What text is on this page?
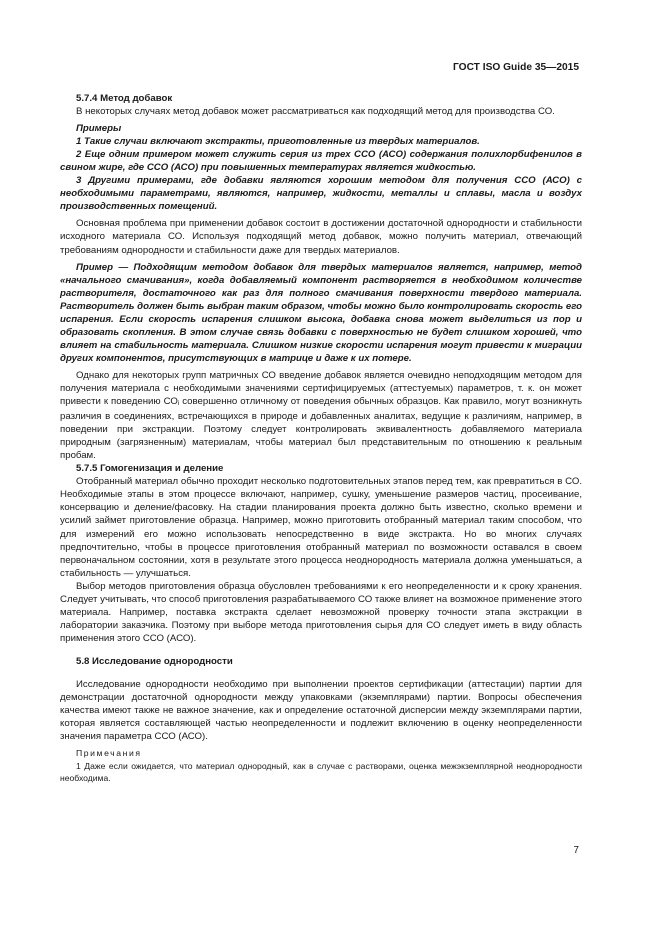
ГОСТ ISO Guide 35—2015

5.7.4 Метод добавок

В некоторых случаях метод добавок может рассматриваться как подходящий метод для производства СО.

Примеры

1 Такие случаи включают экстракты, приготовленные из твердых материалов.

2 Еще одним примером может служить серия из трех ССО (АСО) содержания полихлорбифенилов в свином жире, где ССО (АСО) при повышенных температурах является жидкостью.

3 Другими примерами, где добавки являются хорошим методом для получения ССО (АСО) с необходимыми параметрами, являются, например, жидкости, металлы и сплавы, масла и воздух производственных помещений.

Основная проблема при применении добавок состоит в достижении достаточной однородности и стабильности исходного материала СО. Используя подходящий метод добавок, можно получить материал, отвечающий требованиям однородности и стабильности даже для твердых материалов.

Пример — Подходящим методом добавок для твердых материалов является, например, метод «начального смачивания», когда добавляемый компонент растворяется в необходимом количестве растворителя, достаточного как раз для полного смачивания поверхности твердого материала. Растворитель должен быть выбран таким образом, чтобы можно было контролировать скорость его испарения. Если скорость испарения слишком высока, добавка снова может выделиться из пор и образовать скопления. В этом случае связь добавки с поверхностью не будет слишком хорошей, что влияет на стабильность материала. Слишком низкие скорости испарения могут привести к миграции других компонентов, присутствующих в матрице и даже к их потере.

Однако для некоторых групп матричных СО введение добавок является очевидно неподходящим методом для получения материала с необходимыми значениями сертифицируемых (аттестуемых) параметров, т. к. он может привести к поведению СОi совершенно отличному от поведения обычных образцов. Как правило, могут возникнуть различия в соединениях, встречающихся в природе и добавленных аналитах, ведущие к различиям, например, в поведении при экстракции. Поэтому следует контролировать эквивалентность добавляемого материала природным (загрязненным) материалам, чтобы материал был представительным по отношению к реальным пробам.

5.7.5 Гомогенизация и деление

Отобранный материал обычно проходит несколько подготовительных этапов перед тем, как превратиться в СО. Необходимые этапы в этом процессе включают, например, сушку, уменьшение размеров частиц, просеивание, консервацию и деление/фасовку. На стадии планирования проекта должно быть известно, сколько времени и усилий займет приготовление образца. Например, можно приготовить отобранный материал таким способом, что для измерений его можно использовать непосредственно в виде экстракта. Но во многих случаях предпочтительно, чтобы в процессе приготовления отобранный материал по возможности оставался в своем первоначальном состоянии, хотя в результате этого процесса неоднородность материала должна уменьшаться, а стабильность — улучшаться.

Выбор методов приготовления образца обусловлен требованиями к его неопределенности и к сроку хранения. Следует учитывать, что способ приготовления разрабатываемого СО также влияет на возможное применение этого материала. Например, поставка экстракта сделает невозможной проверку точности этапа экстракции в лаборатории заказчика. Поэтому при выборе метода приготовления сырья для СО следует иметь в виду область применения этого ССО (АСО).

5.8 Исследование однородности

Исследование однородности необходимо при выполнении проектов сертификации (аттестации) партии для демонстрации достаточной однородности между упаковками (экземплярами) партии. Вопросы обеспечения качества имеют также не важное значение, как и определение остаточной дисперсии между экземплярами партии, которая является составляющей частью неопределенности и подлежит включению в оценку неопределенности значения параметра ССО (АСО).

Примечания

1 Даже если ожидается, что материал однородный, как в случае с растворами, оценка межэкземплярной неоднородности необходима.

7
